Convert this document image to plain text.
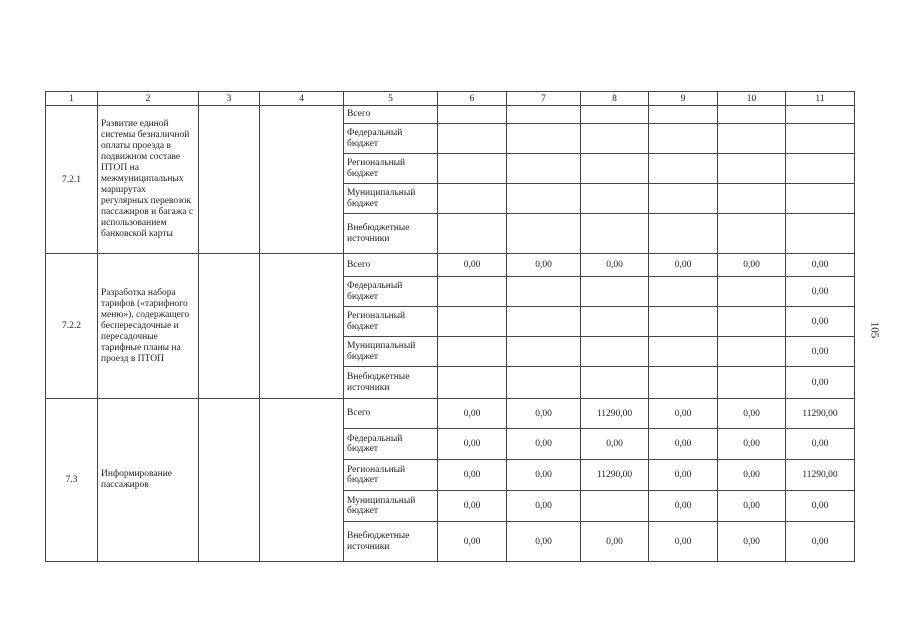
1	2	3	4	5	6	7	8	9	10	11
7.2.1	Развитие единой системы безналичной оплаты проезда в подвижном составе ПТОП на межмуниципальных маршрутах регулярных перевозок пассажиров и багажа с использованием банковской карты			Всего						
				Федеральный бюджет						
				Региональный бюджет						
				Муниципальный бюджет						
				Внебюджетные источники						
7.2.2	Разработка набора тарифов («тарифного меню»), содержащего беспересадочные и пересадочные тарифные планы на проезд в ПТОП			Всего	0,00	0,00	0,00	0,00	0,00	0,00
				Федеральный бюджет						0,00
				Региональный бюджет						0,00
				Муниципальный бюджет						0,00
				Внебюджетные источники						0,00
7.3	Информирование пассажиров			Всего	0,00	0,00	11290,00	0,00	0,00	11290,00
				Федеральный бюджет	0,00	0,00	0,00	0,00	0,00	0,00
				Региональный бюджет	0,00	0,00	11290,00	0,00	0,00	11290,00
				Муниципальный бюджет	0,00	0,00		0,00	0,00	0,00
				Внебюджетные источники	0,00	0,00	0,00	0,00	0,00	0,00
105
